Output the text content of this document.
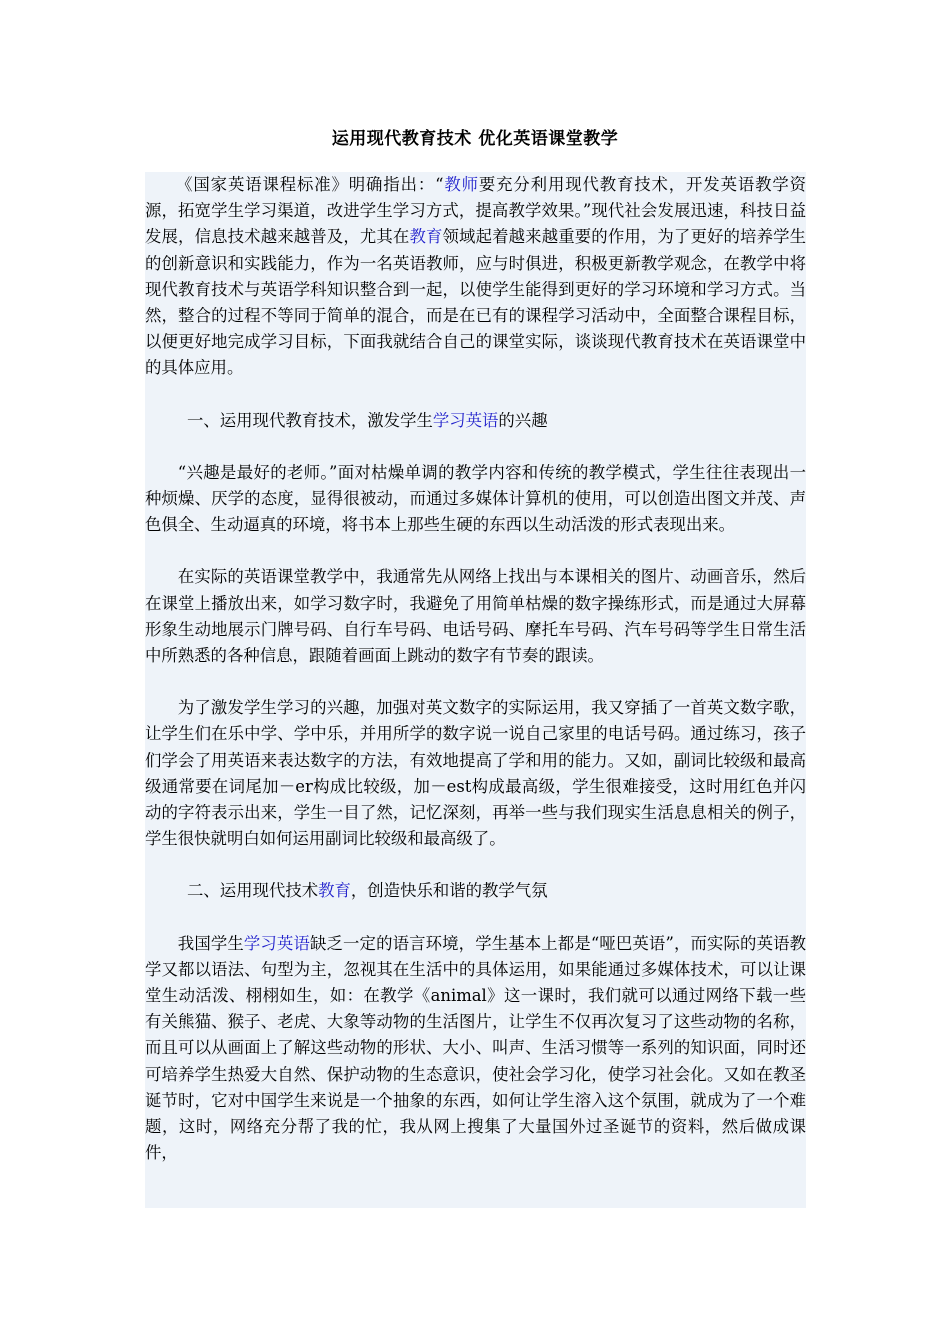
运用现代教育技术 优化英语课堂教学

《国家英语课程标准》明确指出：“教师要充分利用现代教育技术，开发英语教学资源，拓宽学生学习渠道，改进学生学习方式，提高教学效果。”现代社会发展迅速，科技日益发展，信息技术越来越普及，尤其在教育领域起着越来越重要的作用，为了更好的培养学生的创新意识和实践能力，作为一名英语教师，应与时俱进，积极更新教学观念，在教学中将现代教育技术与英语学科知识整合到一起，以使学生能得到更好的学习环境和学习方式。当然，整合的过程不等同于简单的混合，而是在已有的课程学习活动中，全面整合课程目标，以便更好地完成学习目标，下面我就结合自己的课堂实际，谈谈现代教育技术在英语课堂中的具体应用。

一、运用现代教育技术，激发学生学习英语的兴趣

“兴趣是最好的老师。”面对枯燥单调的教学内容和传统的教学模式，学生往往表现出一种烦燥、厌学的态度，显得很被动，而通过多媒体计算机的使用，可以创造出图文并茂、声色俱全、生动逼真的环境，将书本上那些生硬的东西以生动活泼的形式表现出来。

在实际的英语课堂教学中，我通常先从网络上找出与本课相关的图片、动画音乐，然后在课堂上播放出来，如学习数字时，我避免了用简单枯燥的数字操练形式，而是通过大屏幕形象生动地展示门牌号码、自行车号码、电话号码、摩托车号码、汽车号码等学生日常生活中所熟悉的各种信息，跟随着画面上跳动的数字有节奏的跟读。

为了激发学生学习的兴趣，加强对英文数字的实际运用，我又穿插了一首英文数字歌，让学生们在乐中学、学中乐，并用所学的数字说一说自己家里的电话号码。通过练习，孩子们学会了用英语来表达数字的方法，有效地提高了学和用的能力。又如，副词比较级和最高级通常要在词尾加－er构成比较级，加－est构成最高级，学生很难接受，这时用红色并闪动的字符表示出来，学生一目了然，记忆深刻，再举一些与我们现实生活息息相关的例子，学生很快就明白如何运用副词比较级和最高级了。

二、运用现代技术教育，创造快乐和谐的教学气氛

我国学生学习英语缺乏一定的语言环境，学生基本上都是“哑巴英语”，而实际的英语教学又都以语法、句型为主，忽视其在生活中的具体运用，如果能通过多媒体技术，可以让课堂生动活泼、栩栩如生，如：在教学《animal》这一课时，我们就可以通过网络下载一些有关熊猫、猴子、老虎、大象等动物的生活图片，让学生不仅再次复习了这些动物的名称，而且可以从画面上了解这些动物的形状、大小、叫声、生活习惯等一系列的知识面，同时还可培养学生热爱大自然、保护动物的生态意识，使社会学习化，使学习社会化。又如在教圣诞节时，它对中国学生来说是一个抽象的东西，如何让学生溶入这个氛围，就成为了一个难题，这时，网络充分帮了我的忙，我从网上搜集了大量国外过圣诞节的资料，然后做成课件，
